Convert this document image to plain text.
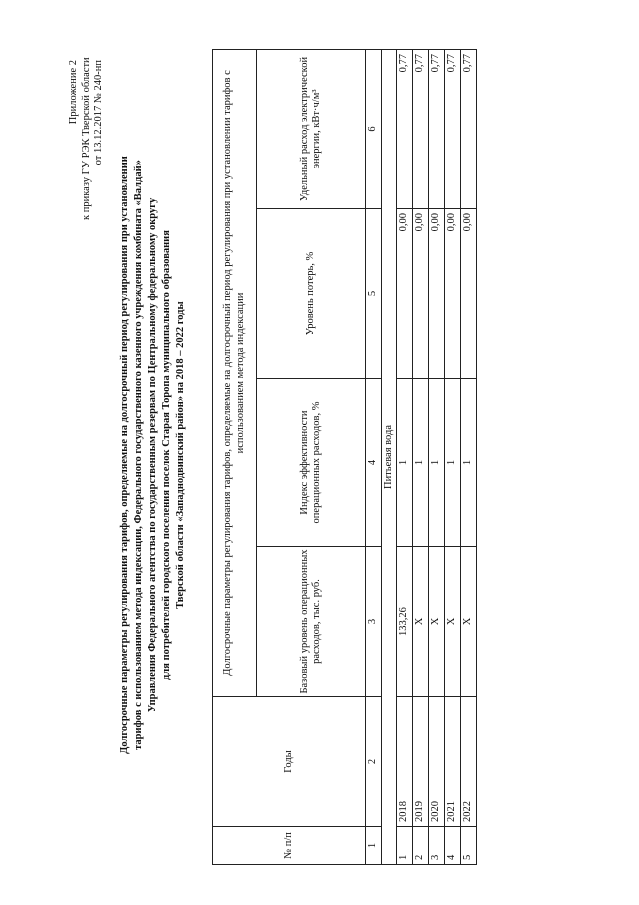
Приложение 2 к приказу ГУ РЭК Тверской области от 13.12.2017 № 240-нп
Долгосрочные параметры регулирования тарифов, определяемые на долгосрочный период регулирования при установлении тарифов с использованием метода индексации, Федерального государственного казенного учреждения комбината «Валдай» Управления Федерального агентства по государственным резервам по Центральному федеральному округу для потребителей городского поселения поселок Старая Торопа муниципального образования Тверской области «Западнодвинский район» на 2018 – 2022 годы
№ п/п	Годы	Долгосрочные параметры регулирования тарифов, определяемые на долгосрочный период регулирования при установлении тарифов с использованием метода индексации			
		Базовый уровень операционных расходов, тыс. руб.	Индекс эффективности операционных расходов, %	Уровень потерь, %	Удельный расход электрической энергии, кВт·ч/м³
1	2	3	4	5	6
Питьевая вода					
1	2018	133,26	1	0,00	0,77
2	2019	X	1	0,00	0,77
3	2020	X	1	0,00	0,77
4	2021	X	1	0,00	0,77
5	2022	X	1	0,00	0,77
